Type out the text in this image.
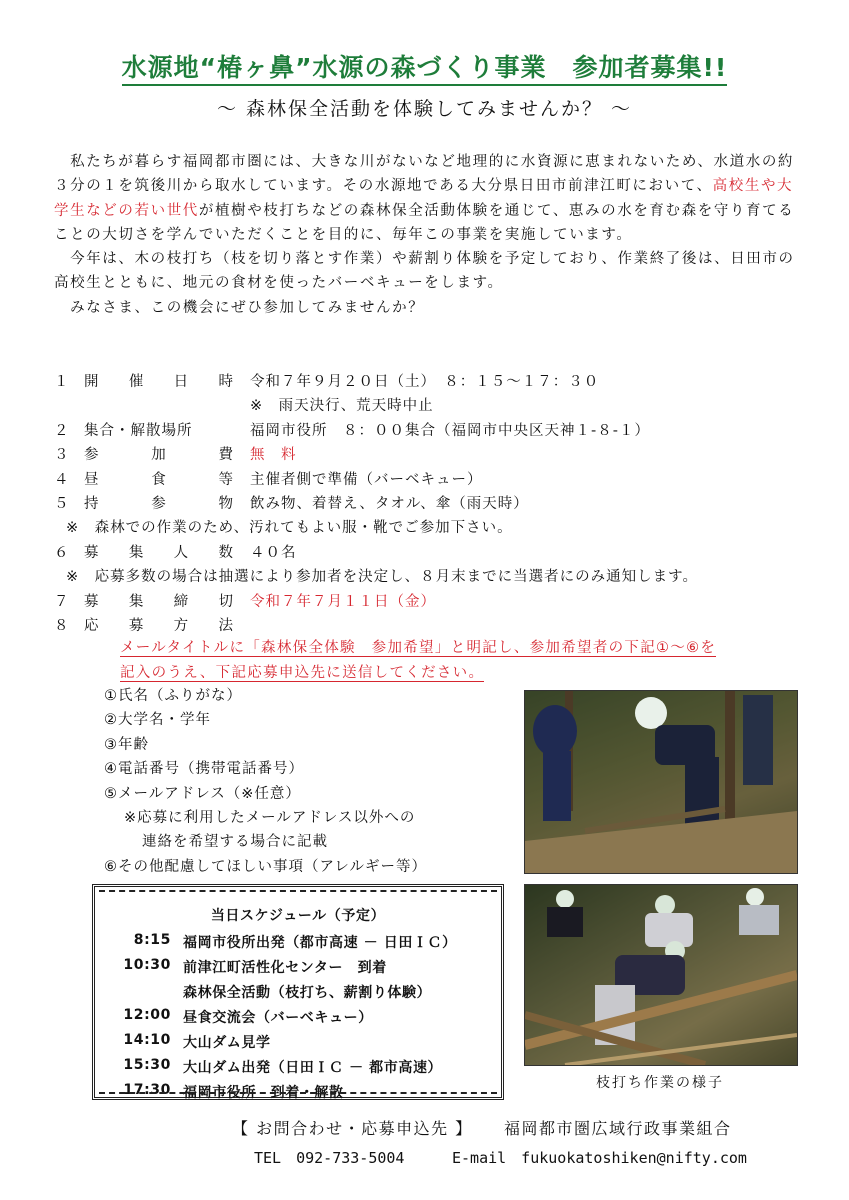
水源地“椿ヶ鼻”水源の森づくり事業　参加者募集!!
～ 森林保全活動を体験してみませんか？ ～

　私たちが暮らす福岡都市圏には、大きな川がないなど地理的に水資源に恵まれないため、水道水の約３分の１を筑後川から取水しています。その水源地である大分県日田市前津江町において、高校生や大学生などの若い世代が植樹や枝打ちなどの森林保全活動体験を通じて、恵みの水を育む森を守り育てることの大切さを学んでいただくことを目的に、毎年この事業を実施しています。

　今年は、木の枝打ち（枝を切り落とす作業）や薪割り体験を予定しており、作業終了後は、日田市の高校生とともに、地元の食材を使ったバーベキューをします。

　みなさま、この機会にぜひ参加してみませんか？

１ 開 催 日 時 令和７年９月２０日（土）　８：１５～１７：３０
※　雨天決行、荒天時中止
２ 集合・解散場所	福岡市役所　８：００集合（福岡市中央区天神１-８-１）
３ 参	加	費 無　料
４ 昼	食	等 主催者側で準備（バーベキュー）
５ 持	参	物 飲み物、着替え、タオル、傘（雨天時）
※　森林での作業のため、汚れてもよい服・靴でご参加下さい。
６ 募 集 人 数 ４０名
※　応募多数の場合は抽選により参加者を決定し、８月末までに当選者にのみ通知します。
７ 募 集 締 切 令和７年７月１１日（金）
８ 応 募 方 法
メールタイトルに「森林保全体験　参加希望」と明記し、参加希望者の下記①～⑥を
記入のうえ、下記応募申込先に送信してください。
①氏名（ふりがな）
②大学名・学年
③年齢
④電話番号（携帯電話番号）
⑤メールアドレス（※任意）
※応募に利用したメールアドレス以外への
連絡を希望する場合に記載
⑥その他配慮してほしい事項（アレルギー等）
枝打ち作業の様子
当日スケジュール（予定）
8:15 福岡市役所出発（都市高速 － 日田ＩＣ）
10:30 前津江町活性化センター　到着
森林保全活動（枝打ち、薪割り体験）
12:00 昼食交流会（バーベキュー）
14:10 大山ダム見学
15:30 大山ダム出発（日田ＩＣ － 都市高速）
17:30 福岡市役所　到着・解散
【 お問合わせ・応募申込先 】 福岡都市圏広域行政事業組合
TEL　092-733-5004	E-mail　fukuokatoshiken@nifty.com
